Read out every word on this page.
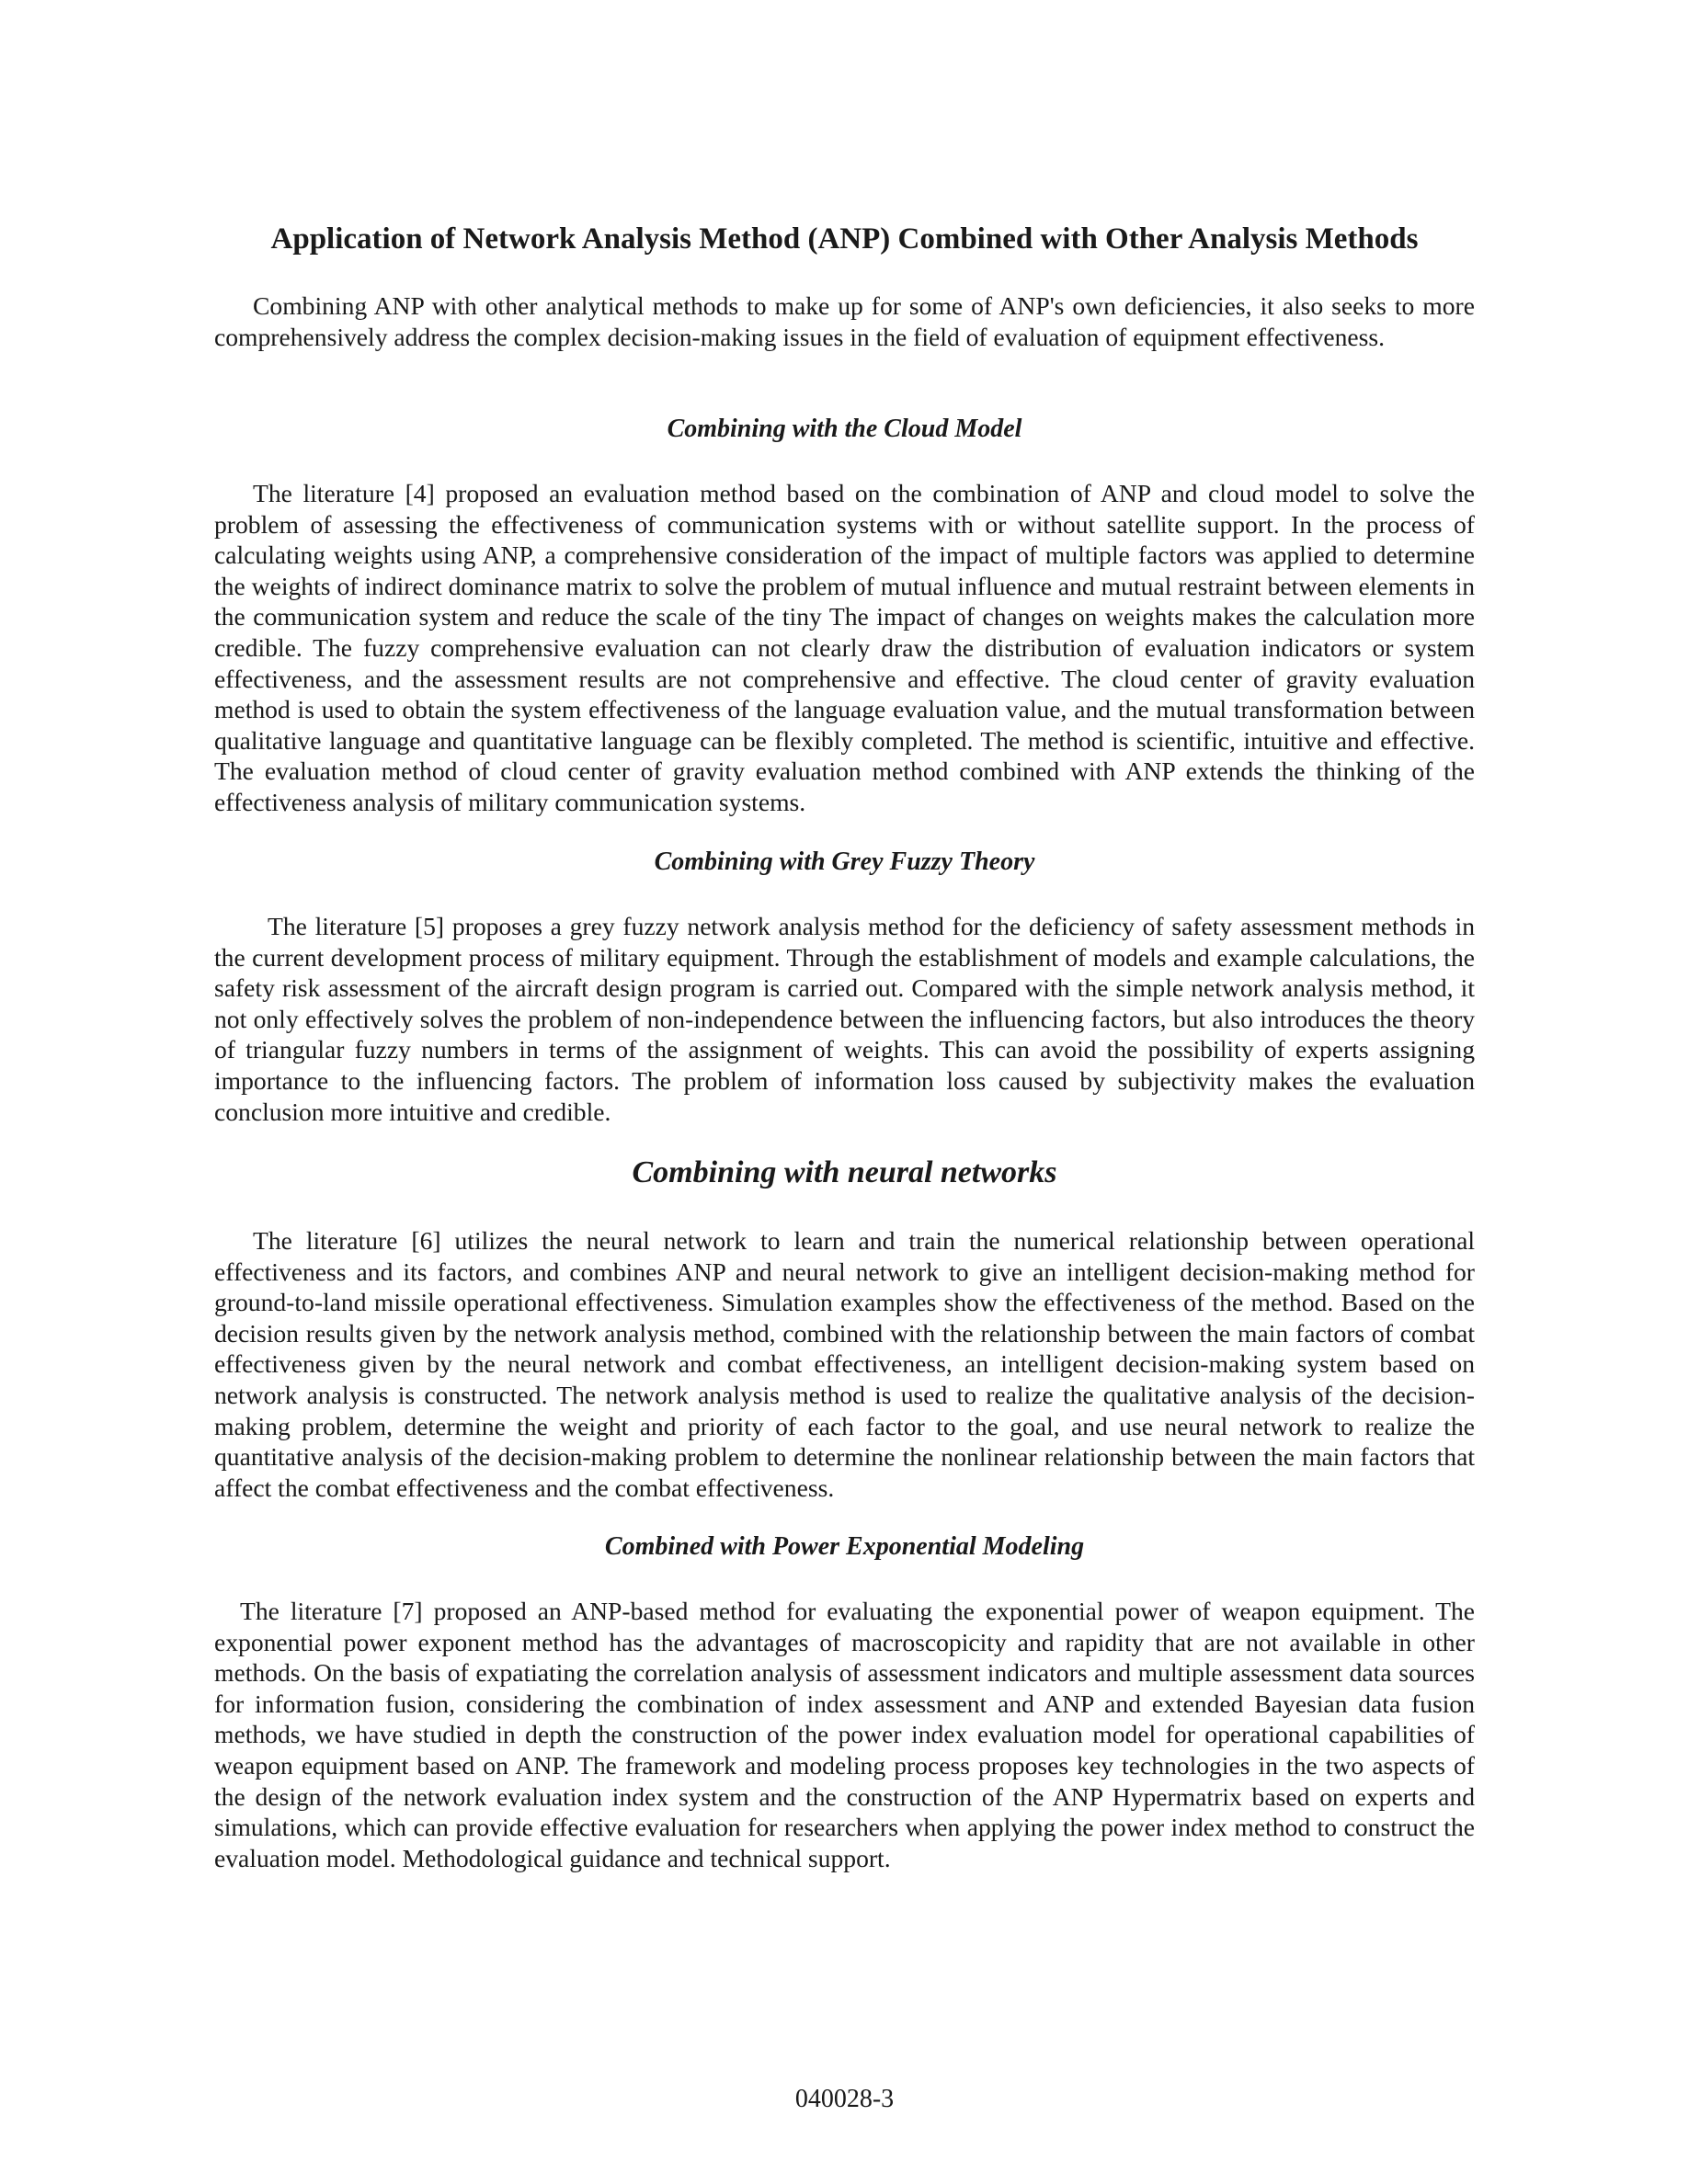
Application of Network Analysis Method (ANP) Combined with Other Analysis Methods

Combining ANP with other analytical methods to make up for some of ANP's own deficiencies, it also seeks to more comprehensively address the complex decision-making issues in the field of evaluation of equipment effectiveness.

Combining with the Cloud Model

The literature [4] proposed an evaluation method based on the combination of ANP and cloud model to solve the problem of assessing the effectiveness of communication systems with or without satellite support. In the process of calculating weights using ANP, a comprehensive consideration of the impact of multiple factors was applied to determine the weights of indirect dominance matrix to solve the problem of mutual influence and mutual restraint between elements in the communication system and reduce the scale of the tiny The impact of changes on weights makes the calculation more credible. The fuzzy comprehensive evaluation can not clearly draw the distribution of evaluation indicators or system effectiveness, and the assessment results are not comprehensive and effective. The cloud center of gravity evaluation method is used to obtain the system effectiveness of the language evaluation value, and the mutual transformation between qualitative language and quantitative language can be flexibly completed. The method is scientific, intuitive and effective. The evaluation method of cloud center of gravity evaluation method combined with ANP extends the thinking of the effectiveness analysis of military communication systems.

Combining with Grey Fuzzy Theory

The literature [5] proposes a grey fuzzy network analysis method for the deficiency of safety assessment methods in the current development process of military equipment. Through the establishment of models and example calculations, the safety risk assessment of the aircraft design program is carried out. Compared with the simple network analysis method, it not only effectively solves the problem of non-independence between the influencing factors, but also introduces the theory of triangular fuzzy numbers in terms of the assignment of weights. This can avoid the possibility of experts assigning importance to the influencing factors. The problem of information loss caused by subjectivity makes the evaluation conclusion more intuitive and credible.

Combining with neural networks

The literature [6] utilizes the neural network to learn and train the numerical relationship between operational effectiveness and its factors, and combines ANP and neural network to give an intelligent decision-making method for ground-to-land missile operational effectiveness. Simulation examples show the effectiveness of the method. Based on the decision results given by the network analysis method, combined with the relationship between the main factors of combat effectiveness given by the neural network and combat effectiveness, an intelligent decision-making system based on network analysis is constructed. The network analysis method is used to realize the qualitative analysis of the decision-making problem, determine the weight and priority of each factor to the goal, and use neural network to realize the quantitative analysis of the decision-making problem to determine the nonlinear relationship between the main factors that affect the combat effectiveness and the combat effectiveness.

Combined with Power Exponential Modeling

The literature [7] proposed an ANP-based method for evaluating the exponential power of weapon equipment. The exponential power exponent method has the advantages of macroscopicity and rapidity that are not available in other methods. On the basis of expatiating the correlation analysis of assessment indicators and multiple assessment data sources for information fusion, considering the combination of index assessment and ANP and extended Bayesian data fusion methods, we have studied in depth the construction of the power index evaluation model for operational capabilities of weapon equipment based on ANP. The framework and modeling process proposes key technologies in the two aspects of the design of the network evaluation index system and the construction of the ANP Hypermatrix based on experts and simulations, which can provide effective evaluation for researchers when applying the power index method to construct the evaluation model. Methodological guidance and technical support.

040028-3
